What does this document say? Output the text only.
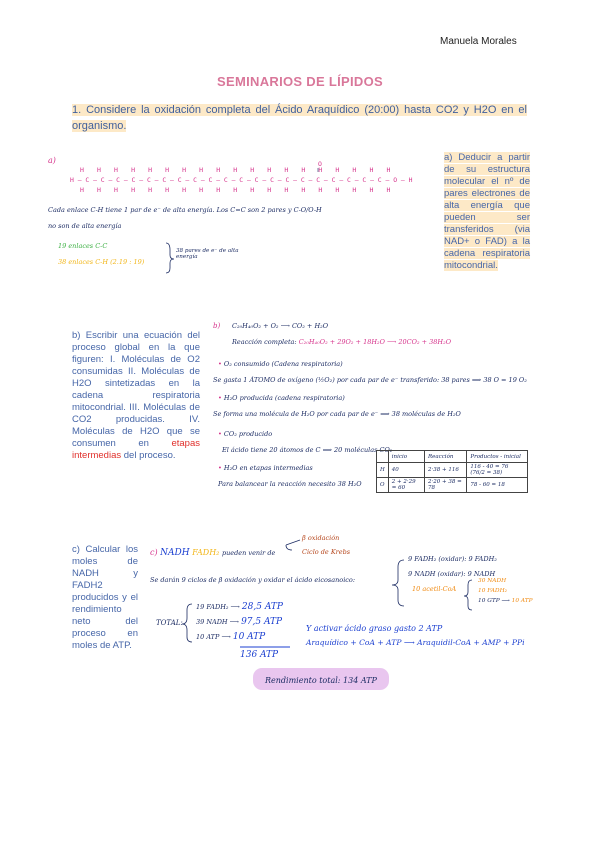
Manuela Morales
SEMINARIOS DE LÍPIDOS
1. Considere la oxidación completa del Ácido Araquídico (20:00) hasta CO2 y H2O en el organismo.
a)
H H H H H H H H H H H H H H H H H H H
O
H – C – C – C – C – C – C – C – C – C – C – C – C – C – C – C – C – C – C – C – C – O – H
H H H H H H H H H H H H H H H H H H H
Cada enlace C-H tiene 1 par de e⁻ de alta energía. Los C=C son 2 pares y C-O/O-H
no son de alta energía
19 enlaces C-C
38 enlaces C-H (2.19 : 19)
38 pares de e⁻ de alta energía
a) Deducir a partir de su estructura molecular el nº de pares electrones de alta energía que pueden ser transferidos (via NAD+ o FAD) a la cadena respiratoria mitocondrial.
b) Escribir una ecuación del proceso global en la que figuren: I. Moléculas de O2 consumidas II. Moléculas de H2O sintetizadas en la cadena respiratoria mitocondrial. III. Moléculas de CO2 producidas. IV. Moléculas de H2O que se consumen en etapas intermedias del proceso.
b) C₂₀H₄₀O₂ + O₂ ⟶ CO₂ + H₂O
Reacción completa: C₂₀H₄₀O₂ + 29O₂ + 18H₂O ⟶ 20CO₂ + 38H₂O
• O₂ consumido (Cadena respiratoria)
Se gasta 1 ÁTOMO de oxígeno (½O₂) por cada par de e⁻ transferido: 38 pares ⟹ 38 O = 19 O₂
• H₂O producida (cadena respiratoria)
Se forma una molécula de H₂O por cada par de e⁻ ⟹ 38 moléculas de H₂O
• CO₂ producido
El ácido tiene 20 átomos de C ⟹ 20 moléculas CO₂
• H₂O en etapas intermedias
Para balancear la reacción necesito 38 H₂O
	inicio	Reacción	Productos - inicial
H	40	2·38 + 116	116 - 40 = 76 (76/2 = 38)
O	2 + 2·29 = 60	2·20 + 38 = 78	78 - 60 = 18
c) Calcular los moles de NADH y FADH2 producidos y el rendimiento neto del proceso en moles de ATP.
c) NADH FADH₂ pueden venir de
β oxidación
Ciclo de Krebs
Se darán 9 ciclos de β oxidación y oxidar el ácido eicosanoico:
9 FADH₂ (oxidar): 9 FADH₂
9 NADH (oxidar): 9 NADH
10 acetil-CoA
30 NADH
10 FADH₂
10 GTP ⟶ 10 ATP
TOTAL:
19 FADH₂ ⟶ 28,5 ATP
39 NADH ⟶ 97,5 ATP
10 ATP ⟶ 10 ATP
136 ATP
Y activar ácido graso gasto 2 ATP
Araquídico + CoA + ATP ⟶ Araquidil-CoA + AMP + PPi
Rendimiento total: 134 ATP
